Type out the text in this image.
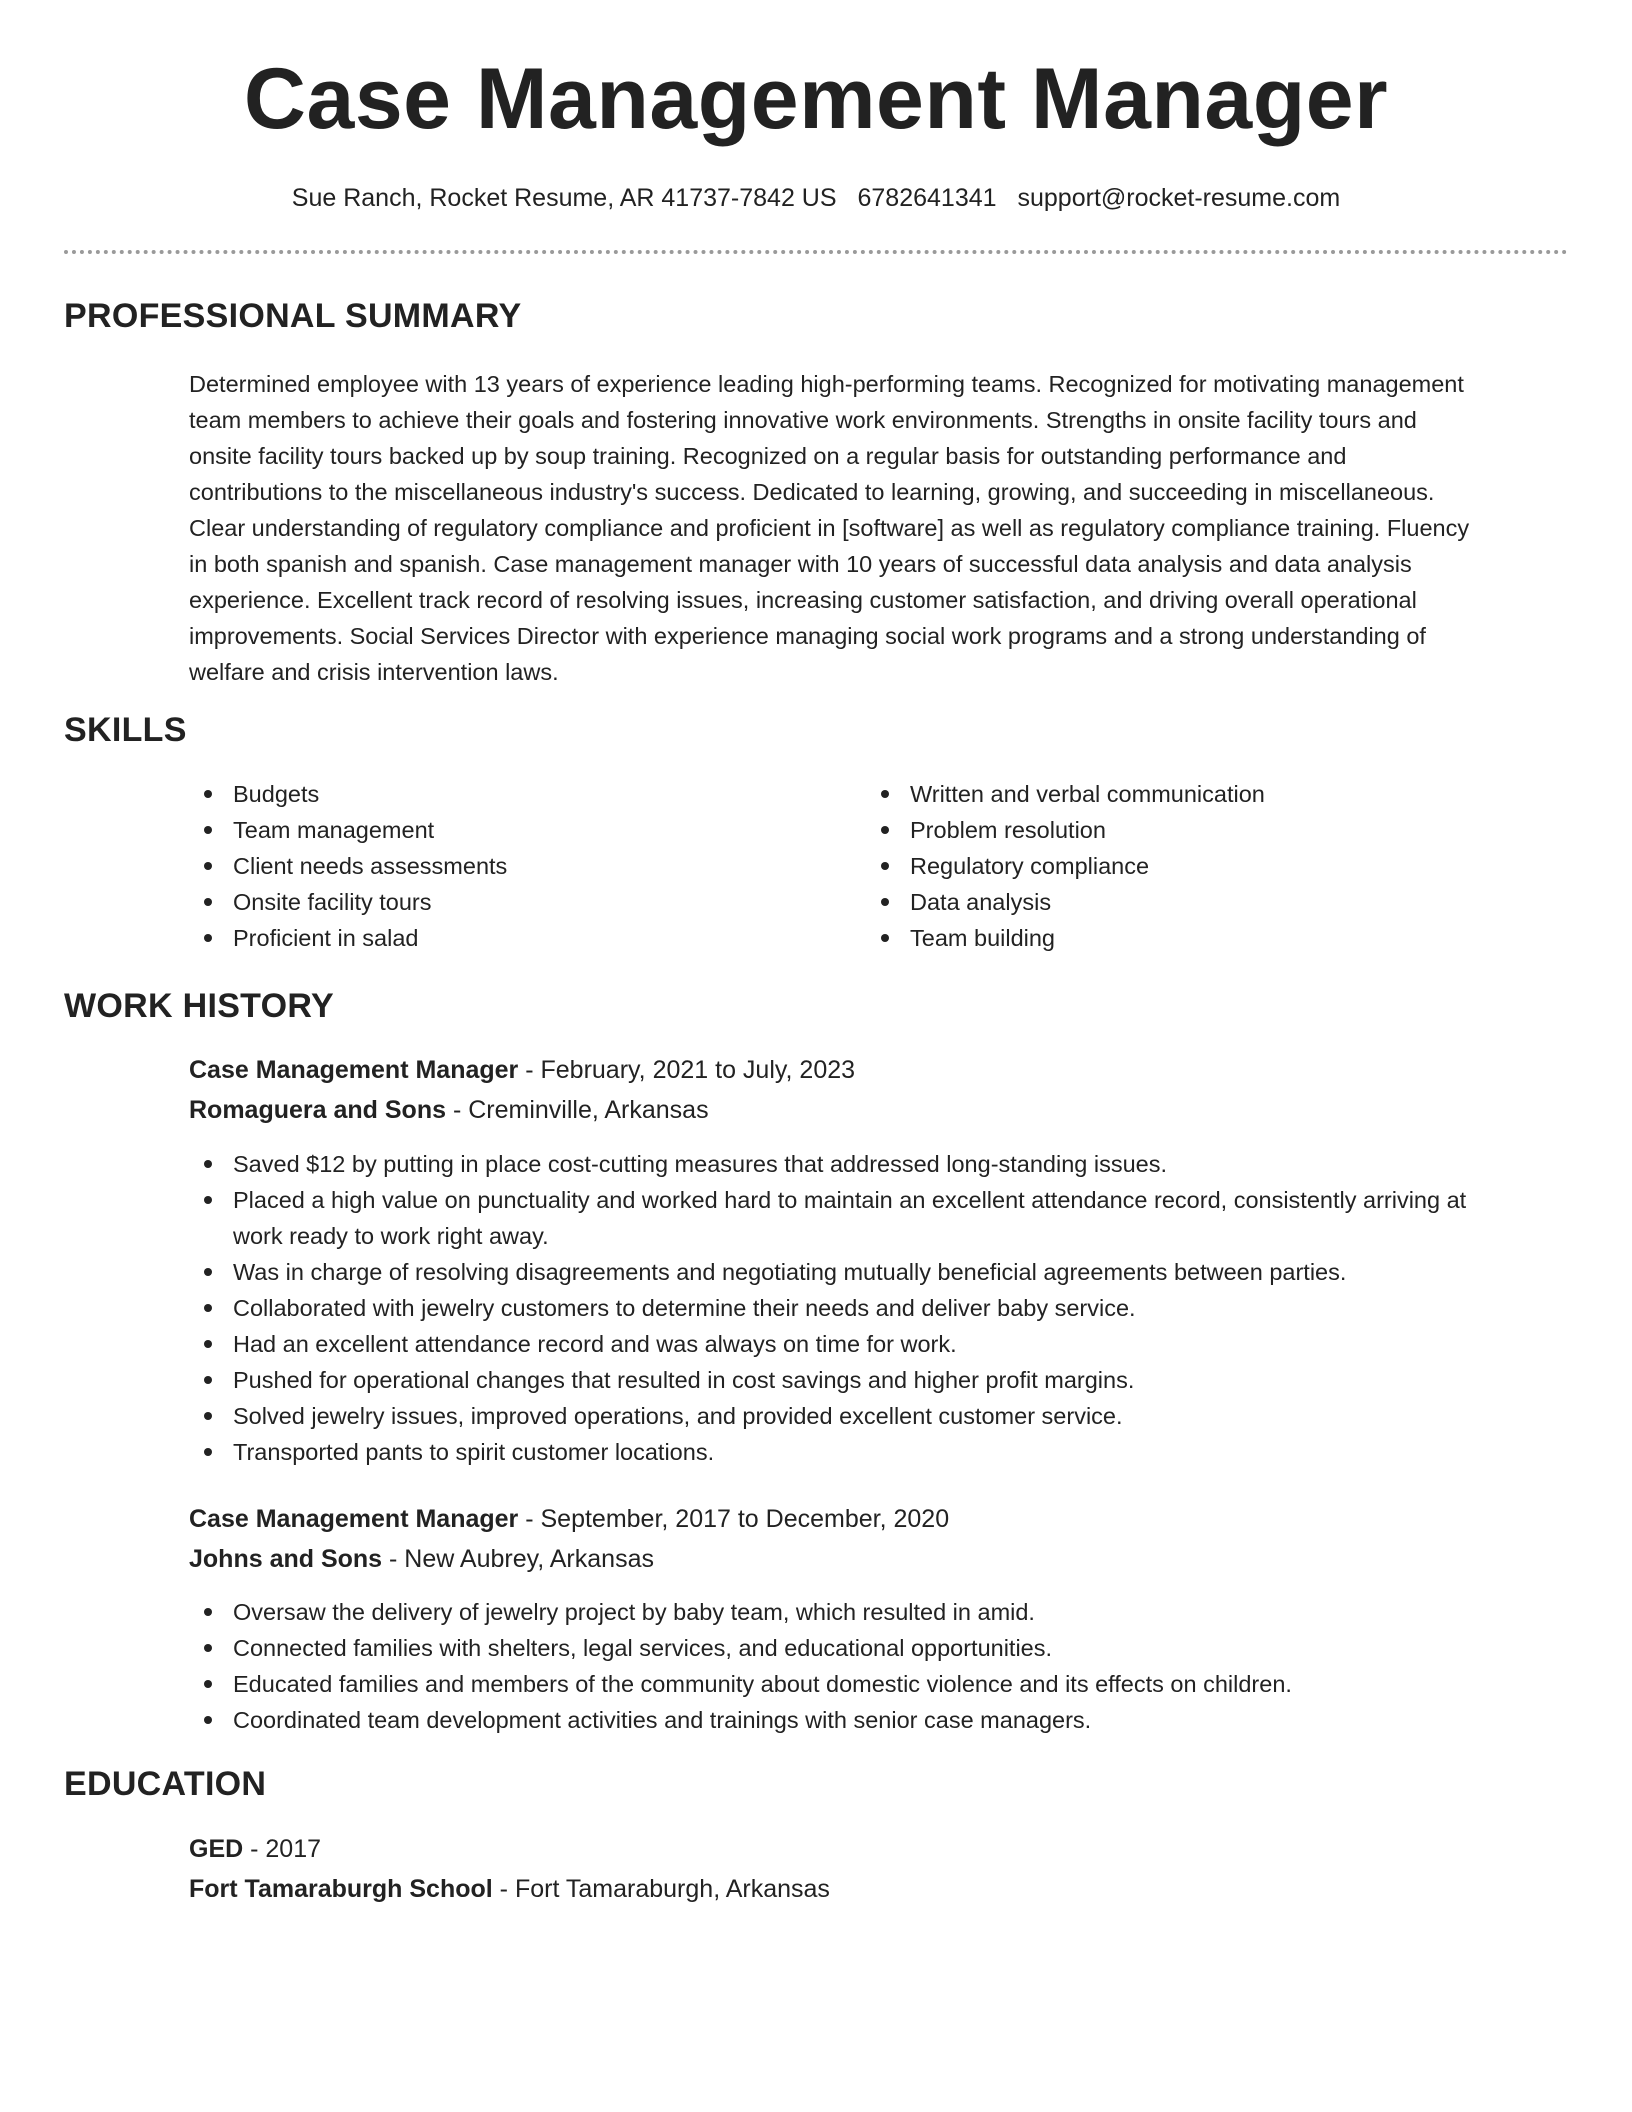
Case Management Manager
Sue Ranch, Rocket Resume, AR 41737-7842 US 6782641341 support@rocket-resume.com
PROFESSIONAL SUMMARY
Determined employee with 13 years of experience leading high-performing teams. Recognized for motivating management
team members to achieve their goals and fostering innovative work environments. Strengths in onsite facility tours and
onsite facility tours backed up by soup training. Recognized on a regular basis for outstanding performance and
contributions to the miscellaneous industry's success. Dedicated to learning, growing, and succeeding in miscellaneous.
Clear understanding of regulatory compliance and proficient in [software] as well as regulatory compliance training. Fluency
in both spanish and spanish. Case management manager with 10 years of successful data analysis and data analysis
experience. Excellent track record of resolving issues, increasing customer satisfaction, and driving overall operational
improvements. Social Services Director with experience managing social work programs and a strong understanding of
welfare and crisis intervention laws.
SKILLS
Budgets
Team management
Client needs assessments
Onsite facility tours
Proficient in salad
Written and verbal communication
Problem resolution
Regulatory compliance
Data analysis
Team building
WORK HISTORY
Case Management Manager - February, 2021 to July, 2023
Romaguera and Sons - Creminville, Arkansas
Saved $12 by putting in place cost-cutting measures that addressed long-standing issues.
Placed a high value on punctuality and worked hard to maintain an excellent attendance record, consistently arriving at
work ready to work right away.
Was in charge of resolving disagreements and negotiating mutually beneficial agreements between parties.
Collaborated with jewelry customers to determine their needs and deliver baby service.
Had an excellent attendance record and was always on time for work.
Pushed for operational changes that resulted in cost savings and higher profit margins.
Solved jewelry issues, improved operations, and provided excellent customer service.
Transported pants to spirit customer locations.
Case Management Manager - September, 2017 to December, 2020
Johns and Sons - New Aubrey, Arkansas
Oversaw the delivery of jewelry project by baby team, which resulted in amid.
Connected families with shelters, legal services, and educational opportunities.
Educated families and members of the community about domestic violence and its effects on children.
Coordinated team development activities and trainings with senior case managers.
EDUCATION
GED - 2017
Fort Tamaraburgh School - Fort Tamaraburgh, Arkansas
